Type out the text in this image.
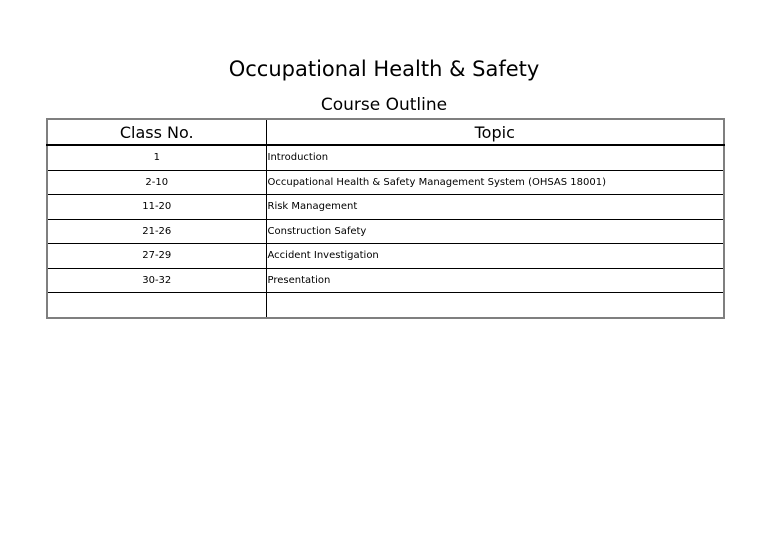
Occupational Health & Safety
Course Outline
Class No.	Topic
1	Introduction
2-10	Occupational Health & Safety Management System (OHSAS 18001)
11-20	Risk Management
21-26	Construction Safety
27-29	Accident Investigation
30-32	Presentation
